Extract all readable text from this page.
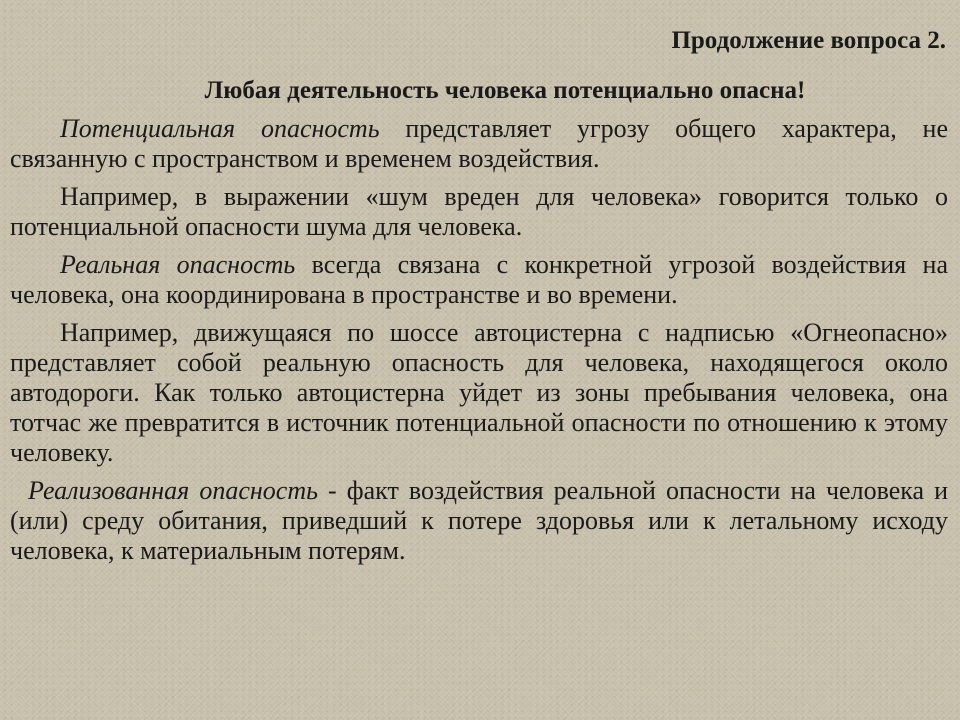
Продолжение вопроса 2.
Любая деятельность человека потенциально опасна!

Потенциальная опасность представляет угрозу общего характера, не связанную с пространством и временем воздействия.

Например, в выражении «шум вреден для человека» говорится только о потенциальной опасности шума для человека.

Реальная опасность всегда связана с конкретной угрозой воздействия на человека, она координирована в пространстве и во времени.

Например, движущаяся по шоссе автоцистерна с надписью «Огнеопасно» представляет собой реальную опасность для человека, находящегося около автодороги. Как только автоцистерна уйдет из зоны пребывания человека, она тотчас же превратится в источник потенциальной опасности по отношению к этому человеку.

Реализованная опасность - факт воздействия реальной опасности на человека и (или) среду обитания, приведший к потере здоровья или к летальному исходу человека, к материальным потерям.
